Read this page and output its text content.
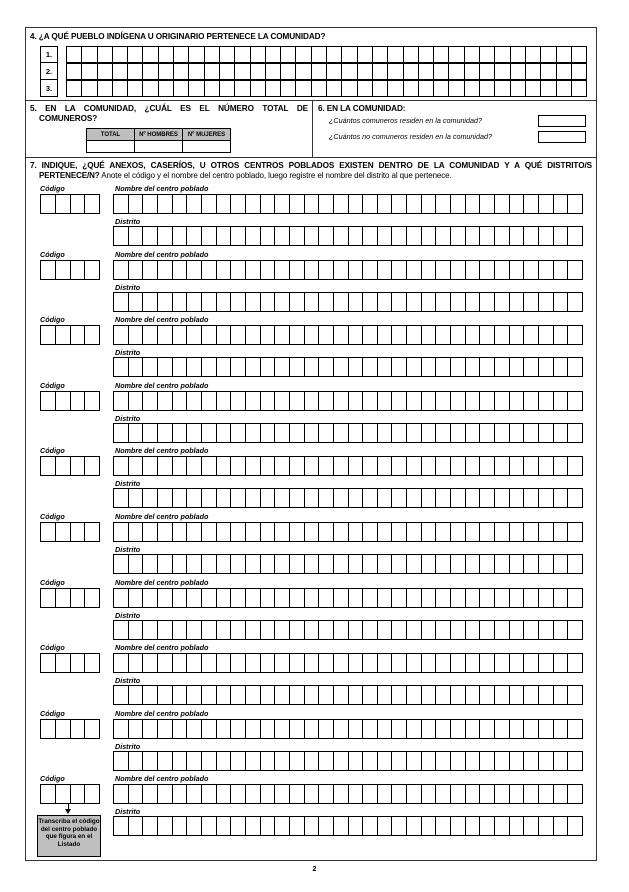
4. ¿A QUÉ PUEBLO INDÍGENA U ORIGINARIO PERTENECE LA COMUNIDAD?
1.
2.
3.
5. EN LA COMUNIDAD, ¿CUÁL ES EL NÚMERO TOTAL DE
COMUNEROS?
TOTAL	Nº HOMBRES	Nº MUJERES

6. EN LA COMUNIDAD:
¿Cuántos comuneros residen en la comunidad?
¿Cuántos no comuneros residen en la comunidad?
7. INDIQUE, ¿QUÉ ANEXOS, CASERÍOS, U OTROS CENTROS POBLADOS EXISTEN DENTRO DE LA COMUNIDAD Y A QUÉ DISTRITO/S
PERTENECE/N? Anote el código y el nombre del centro poblado, luego registre el nombre del distrito al que pertenece.
Código	Nombre del centro poblado
Distrito
Código	Nombre del centro poblado
Distrito
Código	Nombre del centro poblado
Distrito
Código	Nombre del centro poblado
Distrito
Código	Nombre del centro poblado
Distrito
Código	Nombre del centro poblado
Distrito
Código	Nombre del centro poblado
Distrito
Código	Nombre del centro poblado
Distrito
Código	Nombre del centro poblado
Distrito
Código	Nombre del centro poblado
Distrito
Transcriba el código del centro poblado que figura en el Listado
2
